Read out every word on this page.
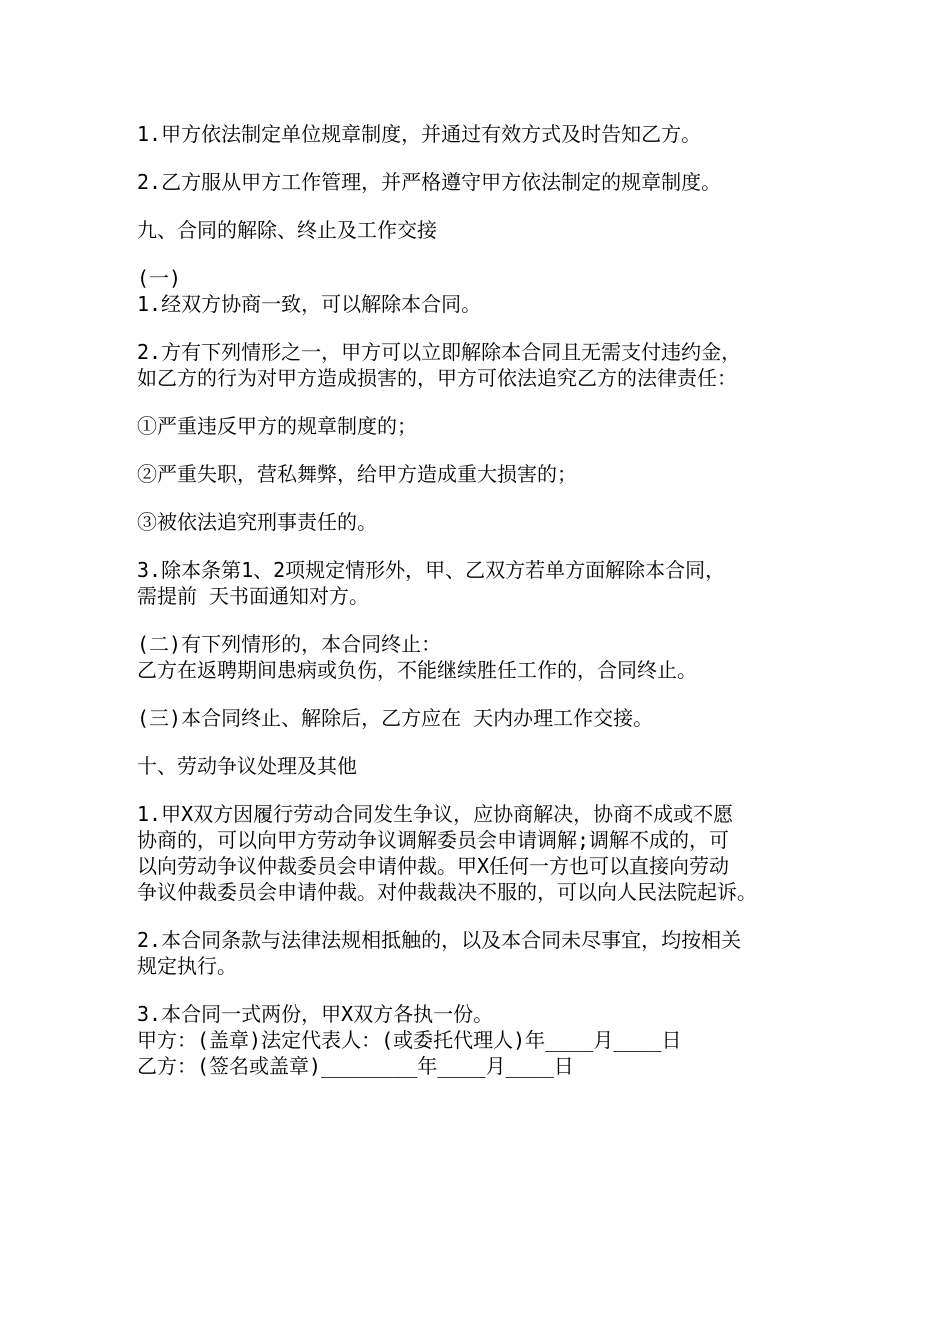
1.甲方依法制定单位规章制度，并通过有效方式及时告知乙方。
2.乙方服从甲方工作管理，并严格遵守甲方依法制定的规章制度。
九、合同的解除、终止及工作交接
(一)
1.经双方协商一致，可以解除本合同。
2.方有下列情形之一，甲方可以立即解除本合同且无需支付违约金，
如乙方的行为对甲方造成损害的，甲方可依法追究乙方的法律责任：
①严重违反甲方的规章制度的；
②严重失职，营私舞弊，给甲方造成重大损害的；
③被依法追究刑事责任的。
3.除本条第1、2项规定情形外，甲、乙双方若单方面解除本合同，
需提前 天书面通知对方。
(二)有下列情形的，本合同终止：
乙方在返聘期间患病或负伤，不能继续胜任工作的，合同终止。
(三)本合同终止、解除后，乙方应在 天内办理工作交接。
十、劳动争议处理及其他
1.甲X双方因履行劳动合同发生争议，应协商解决，协商不成或不愿
协商的，可以向甲方劳动争议调解委员会申请调解;调解不成的，可
以向劳动争议仲裁委员会申请仲裁。甲X任何一方也可以直接向劳动
争议仲裁委员会申请仲裁。对仲裁裁决不服的，可以向人民法院起诉。
2.本合同条款与法律法规相抵触的，以及本合同未尽事宜，均按相关
规定执行。
3.本合同一式两份，甲X双方各执一份。
甲方：(盖章)法定代表人：(或委托代理人)年____月____日
乙方：(签名或盖章)________年____月____日
